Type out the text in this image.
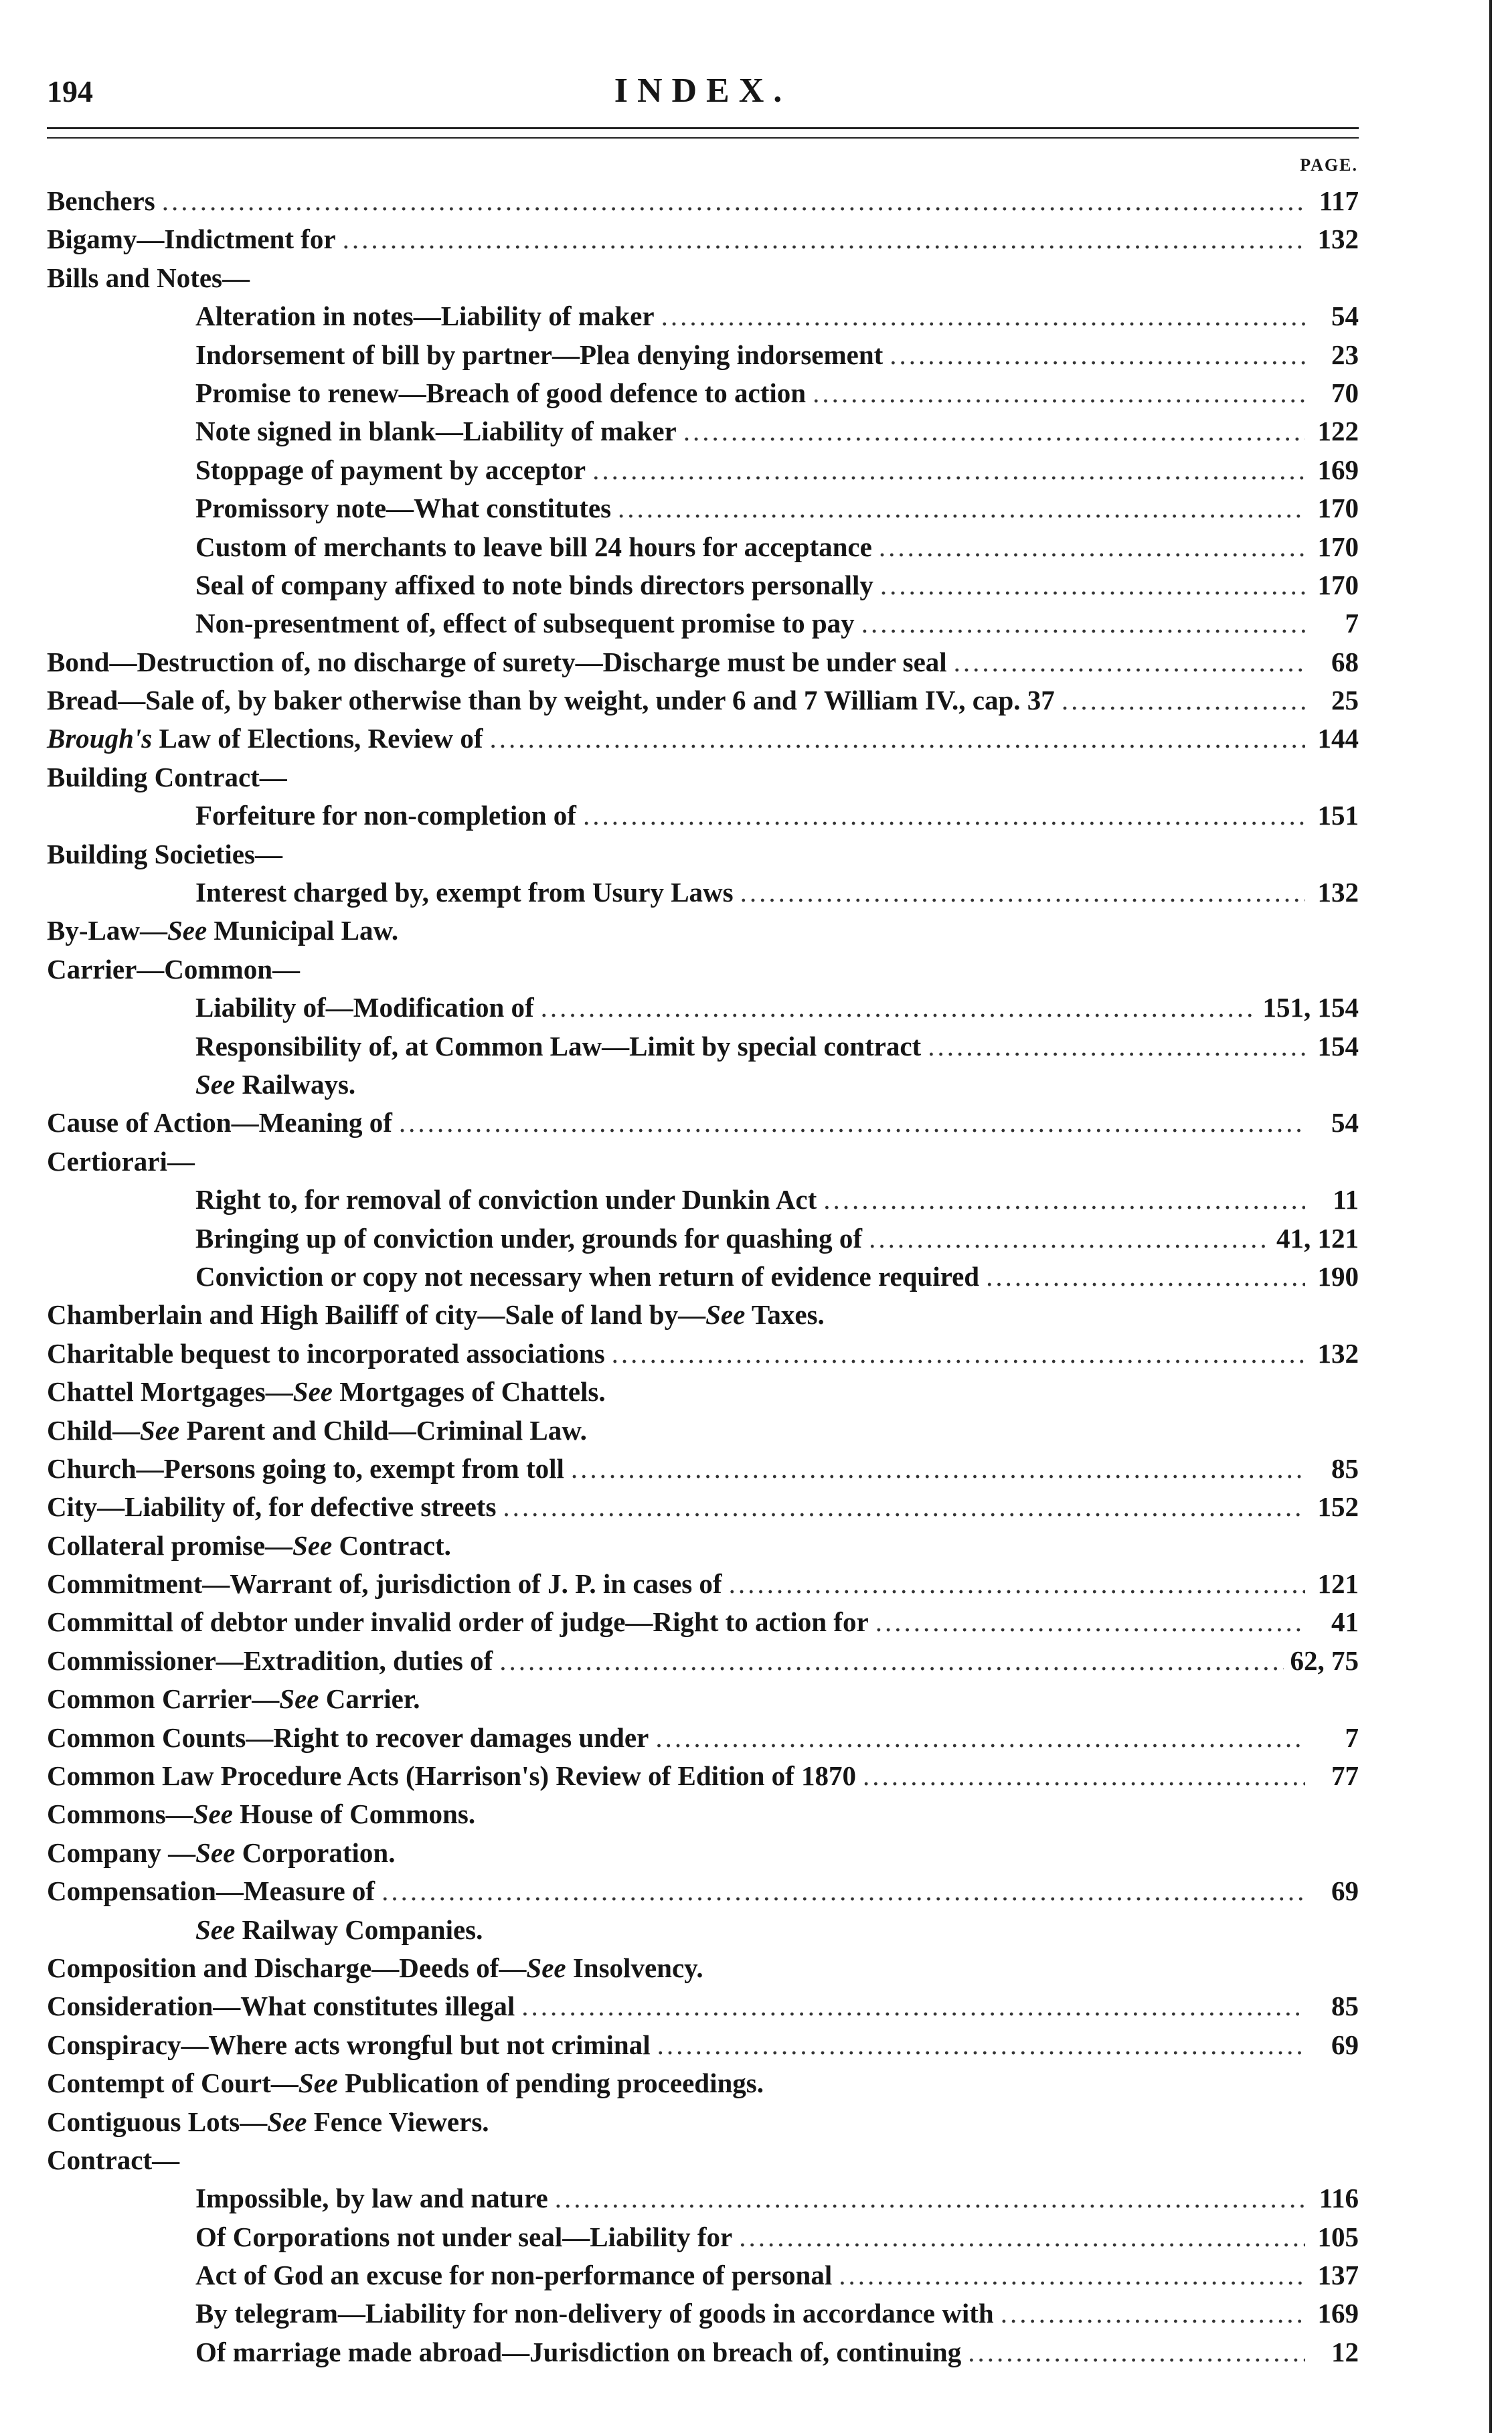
194	INDEX.
PAGE.
Benchers .....	117
Bigamy—Indictment for .....	132
Bills and Notes—
Alteration in notes—Liability of maker .....	54
Indorsement of bill by partner—Plea denying indorsement .....	23
Promise to renew—Breach of good defence to action .....	70
Note signed in blank—Liability of maker .....	122
Stoppage of payment by acceptor .....	169
Promissory note—What constitutes .....	170
Custom of merchants to leave bill 24 hours for acceptance .....	170
Seal of company affixed to note binds directors personally .....	170
Non-presentment of, effect of subsequent promise to pay .....	7
Bond—Destruction of, no discharge of surety—Discharge must be under seal .....	68
Bread—Sale of, by baker otherwise than by weight, under 6 and 7 William IV., cap. 37 .....	25
Brough's Law of Elections, Review of .....	144
Building Contract—
Forfeiture for non-completion of .....	151
Building Societies—
Interest charged by, exempt from Usury Laws .....	132
By-Law—See Municipal Law.
Carrier—Common—
Liability of—Modification of .....	151, 154
Responsibility of, at Common Law—Limit by special contract .....	154
See Railways.
Cause of Action—Meaning of .....	54
Certiorari—
Right to, for removal of conviction under Dunkin Act .....	11
Bringing up of conviction under, grounds for quashing of .....	41, 121
Conviction or copy not necessary when return of evidence required .....	190
Chamberlain and High Bailiff of city—Sale of land by—See Taxes.
Charitable bequest to incorporated associations .....	132
Chattel Mortgages—See Mortgages of Chattels.
Child—See Parent and Child—Criminal Law.
Church—Persons going to, exempt from toll .....	85
City—Liability of, for defective streets .....	152
Collateral promise—See Contract.
Commitment—Warrant of, jurisdiction of J. P. in cases of .....	121
Committal of debtor under invalid order of judge—Right to action for .....	41
Commissioner—Extradition, duties of .....	62, 75
Common Carrier—See Carrier.
Common Counts—Right to recover damages under .....	7
Common Law Procedure Acts (Harrison's) Review of Edition of 1870 .....	77
Commons—See House of Commons.
Company —See Corporation.
Compensation—Measure of .....	69
See Railway Companies.
Composition and Discharge—Deeds of—See Insolvency.
Consideration—What constitutes illegal .....	85
Conspiracy—Where acts wrongful but not criminal .....	69
Contempt of Court—See Publication of pending proceedings.
Contiguous Lots—See Fence Viewers.
Contract—
Impossible, by law and nature .....	116
Of Corporations not under seal—Liability for .....	105
Act of God an excuse for non-performance of personal .....	137
By telegram—Liability for non-delivery of goods in accordance with .....	169
Of marriage made abroad—Jurisdiction on breach of, continuing .....	12
